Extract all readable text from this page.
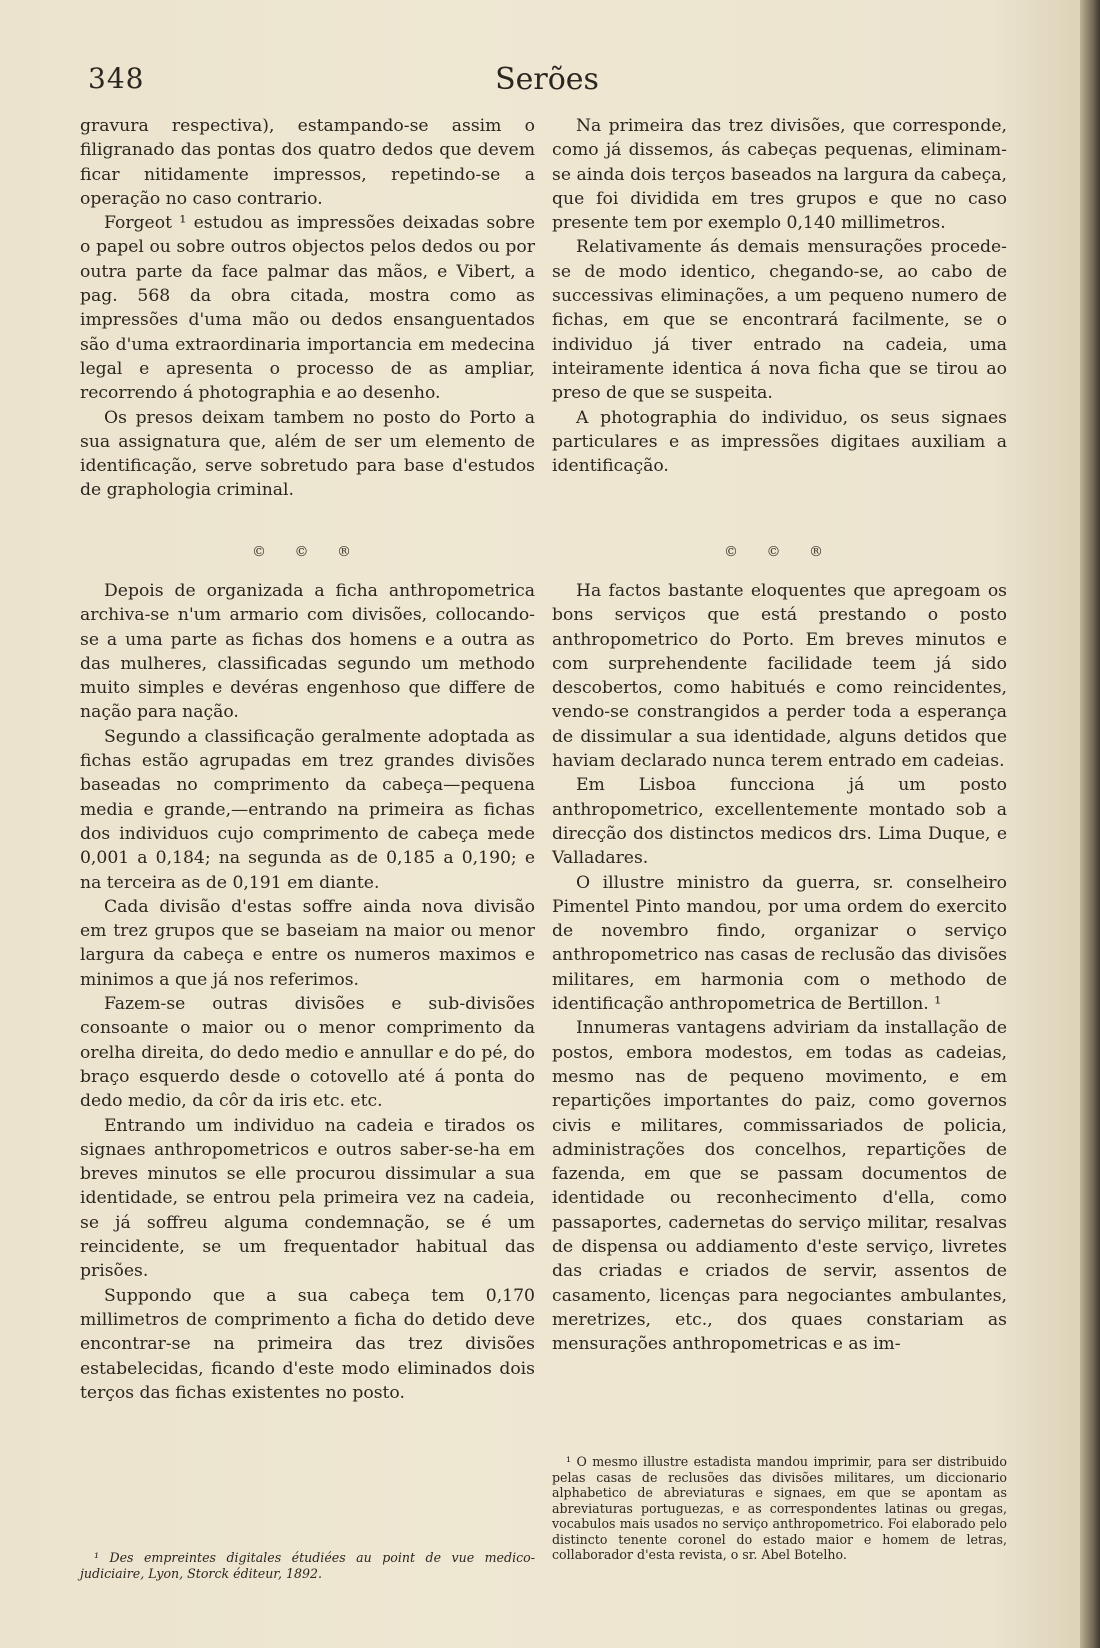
348	Serões

gravura respectiva), estampando-se assim o filigranado das pontas dos quatro dedos que devem ficar nitidamente impressos, repetindo-se a operação no caso contrario.

Forgeot ¹ estudou as impressões deixadas sobre o papel ou sobre outros objectos pelos dedos ou por outra parte da face palmar das mãos, e Vibert, a pag. 568 da obra citada, mostra como as impressões d'uma mão ou dedos ensanguentados são d'uma extraordinaria importancia em medecina legal e apresenta o processo de as ampliar, recorrendo á photographia e ao desenho.

Os presos deixam tambem no posto do Porto a sua assignatura que, além de ser um elemento de identificação, serve sobretudo para base d'estudos de graphologia criminal.

© © ®

Depois de organizada a ficha anthropometrica archiva-se n'um armario com divisões, collocando-se a uma parte as fichas dos homens e a outra as das mulheres, classificadas segundo um methodo muito simples e devéras engenhoso que differe de nação para nação.

Segundo a classificação geralmente adoptada as fichas estão agrupadas em trez grandes divisões baseadas no comprimento da cabeça—pequena media e grande,—entrando na primeira as fichas dos individuos cujo comprimento de cabeça mede 0,001 a 0,184; na segunda as de 0,185 a 0,190; e na terceira as de 0,191 em diante.

Cada divisão d'estas soffre ainda nova divisão em trez grupos que se baseiam na maior ou menor largura da cabeça e entre os numeros maximos e minimos a que já nos referimos.

Fazem-se outras divisões e sub-divisões consoante o maior ou o menor comprimento da orelha direita, do dedo medio e annullar e do pé, do braço esquerdo desde o cotovello até á ponta do dedo medio, da côr da iris etc. etc.

Entrando um individuo na cadeia e tirados os signaes anthropometricos e outros saber-se-ha em breves minutos se elle procurou dissimular a sua identidade, se entrou pela primeira vez na cadeia, se já soffreu alguma condemnação, se é um reincidente, se um frequentador habitual das prisões.

Suppondo que a sua cabeça tem 0,170 millimetros de comprimento a ficha do detido deve encontrar-se na primeira das trez divisões estabelecidas, ficando d'este modo eliminados dois terços das fichas existentes no posto.

¹ Des empreintes digitales étudiées au point de vue medico-judiciaire, Lyon, Storck éditeur, 1892.

Na primeira das trez divisões, que corresponde, como já dissemos, ás cabeças pequenas, eliminam-se ainda dois terços baseados na largura da cabeça, que foi dividida em tres grupos e que no caso presente tem por exemplo 0,140 millimetros.

Relativamente ás demais mensurações procede-se de modo identico, chegando-se, ao cabo de successivas eliminações, a um pequeno numero de fichas, em que se encontrará facilmente, se o individuo já tiver entrado na cadeia, uma inteiramente identica á nova ficha que se tirou ao preso de que se suspeita.

A photographia do individuo, os seus signaes particulares e as impressões digitaes auxiliam a identificação.

© © ®

Ha factos bastante eloquentes que apregoam os bons serviços que está prestando o posto anthropometrico do Porto. Em breves minutos e com surprehendente facilidade teem já sido descobertos, como habitués e como reincidentes, vendo-se constrangidos a perder toda a esperança de dissimular a sua identidade, alguns detidos que haviam declarado nunca terem entrado em cadeias.

Em Lisboa funcciona já um posto anthropometrico, excellentemente montado sob a direcção dos distinctos medicos drs. Lima Duque, e Valladares.

O illustre ministro da guerra, sr. conselheiro Pimentel Pinto mandou, por uma ordem do exercito de novembro findo, organizar o serviço anthropometrico nas casas de reclusão das divisões militares, em harmonia com o methodo de identificação anthropometrica de Bertillon. ¹

Innumeras vantagens adviriam da installação de postos, embora modestos, em todas as cadeias, mesmo nas de pequeno movimento, e em repartições importantes do paiz, como governos civis e militares, commissariados de policia, administrações dos concelhos, repartições de fazenda, em que se passam documentos de identidade ou reconhecimento d'ella, como passaportes, cadernetas do serviço militar, resalvas de dispensa ou addiamento d'este serviço, livretes das criadas e criados de servir, assentos de casamento, licenças para negociantes ambulantes, meretrizes, etc., dos quaes constariam as mensurações anthropometricas e as im-

¹ O mesmo illustre estadista mandou imprimir, para ser distribuido pelas casas de reclusões das divisões militares, um diccionario alphabetico de abreviaturas e signaes, em que se apontam as abreviaturas portuguezas, e as correspondentes latinas ou gregas, vocabulos mais usados no serviço anthropometrico. Foi elaborado pelo distincto tenente coronel do estado maior e homem de letras, collaborador d'esta revista, o sr. Abel Botelho.
